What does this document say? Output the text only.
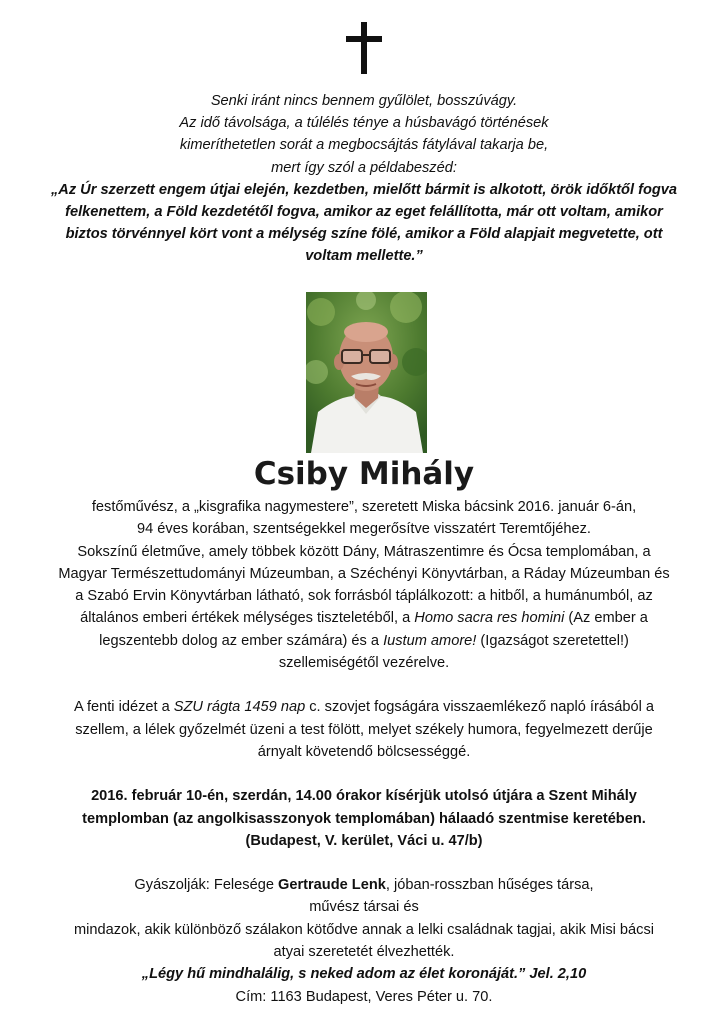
Senki iránt nincs bennem gyűlölet, bosszúvágy.
Az idő távolsága, a túlélés ténye a húsbavágó történések
kimeríthetetlen sorát a megbocsájtás fátylával takarja be,
mert így szól a példabeszéd:
„Az Úr szerzett engem útjai elején, kezdetben, mielőtt bármit is alkotott, örök időktől fogva
felkenettem, a Föld kezdetétől fogva, amikor az eget felállította, már ott voltam, amikor
biztos törvénnyel kört vont a mélység színe fölé, amikor a Föld alapjait megvetette, ott
voltam mellette.”
Csiby Mihály

festőművész, a „kisgrafika nagymestere”, szeretett Miska bácsink 2016. január 6-án,

94 éves korában, szentségekkel megerősítve visszatért Teremtőjéhez.

Sokszínű életműve, amely többek között Dány, Mátraszentimre és Ócsa templomában, a

Magyar Természettudományi Múzeumban, a Széchényi Könyvtárban, a Ráday Múzeumban és

a Szabó Ervin Könyvtárban látható, sok forrásból táplálkozott: a hitből, a humánumból, az

általános emberi értékek mélységes tiszteletéből, a Homo sacra res homini (Az ember a

legszentebb dolog az ember számára) és a Iustum amore! (Igazságot szeretettel!)

szellemiségétől vezérelve.

A fenti idézet a SZU rágta 1459 nap c. szovjet fogságára visszaemlékező napló írásából a

szellem, a lélek győzelmét üzeni a test fölött, melyet székely humora, fegyelmezett derűje

árnyalt követendő bölcsességgé.

2016. február 10-én, szerdán, 14.00 órakor kísérjük utolsó útjára a Szent Mihály

templomban (az angolkisasszonyok templomában) hálaadó szentmise keretében.

(Budapest, V. kerület, Váci u. 47/b)

Gyászolják: Felesége Gertraude Lenk, jóban-rosszban hűséges társa,

művész társai és

mindazok, akik különböző szálakon kötődve annak a lelki családnak tagjai, akik Misi bácsi

atyai szeretetét élvezhették.

„Légy hű mindhalálig, s neked adom az élet koronáját.” Jel. 2,10

Cím: 1163 Budapest, Veres Péter u. 70.
